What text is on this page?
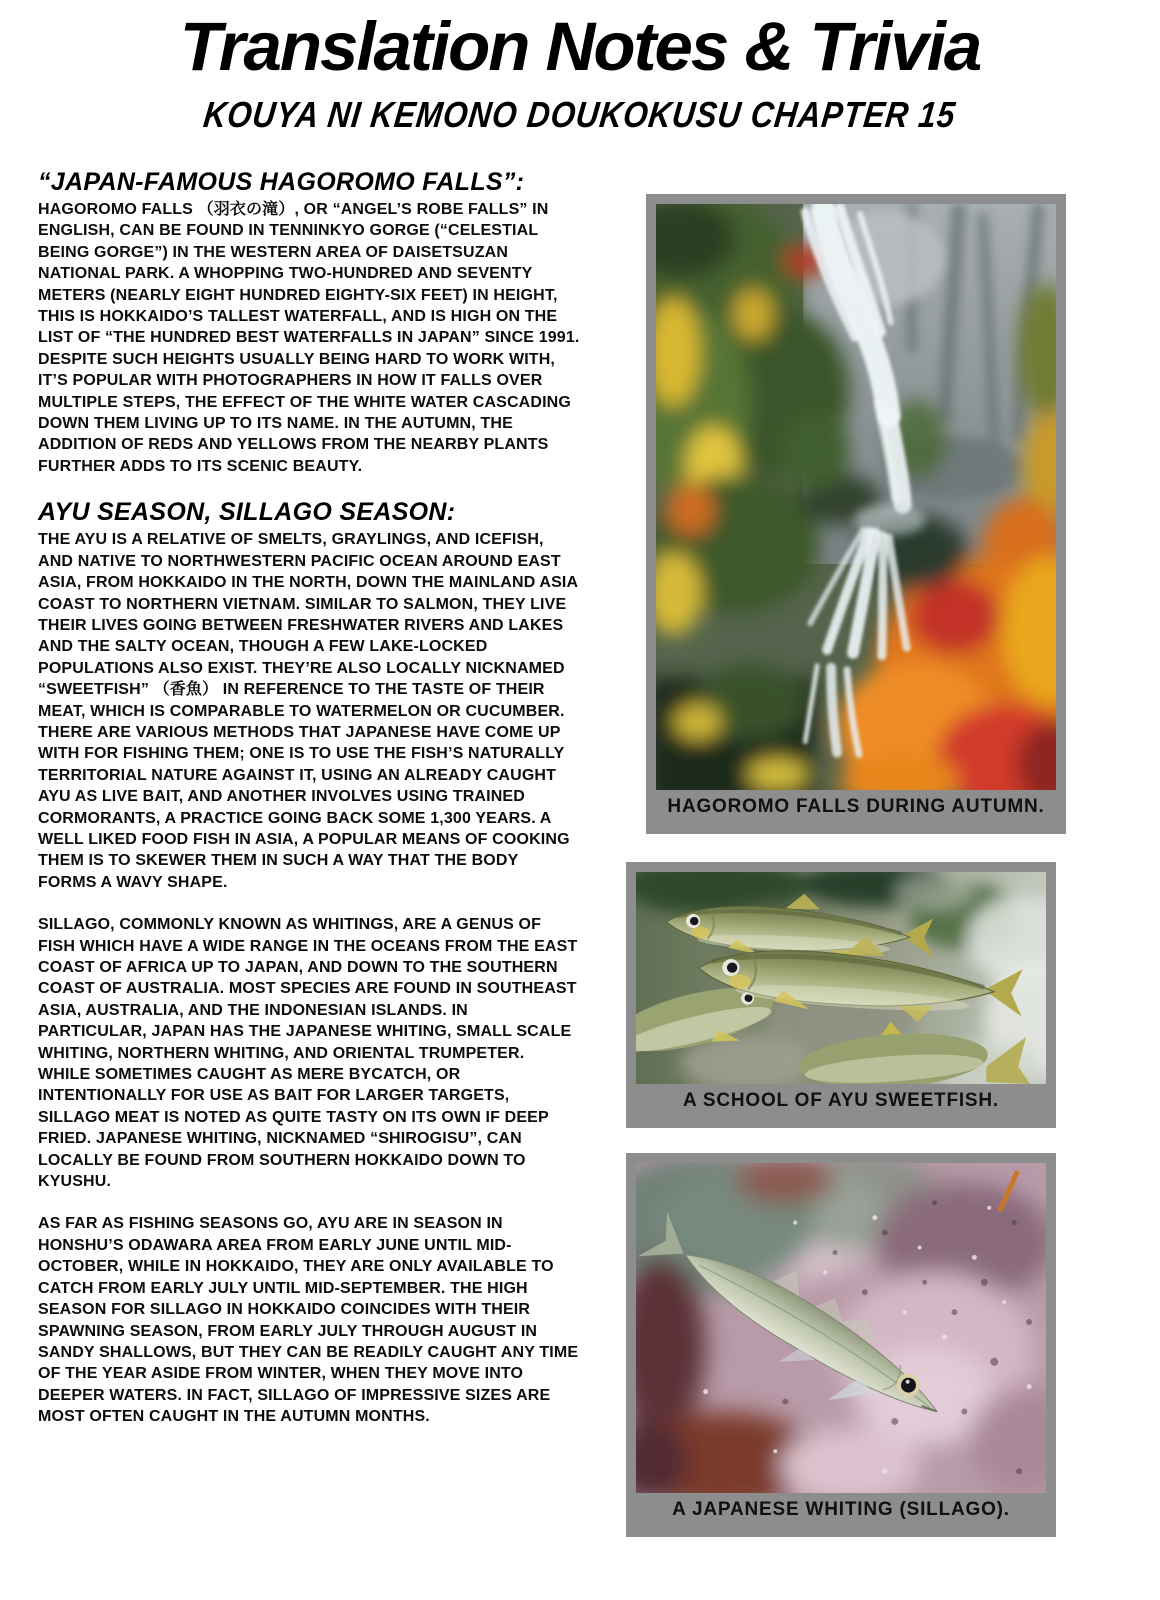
Translation Notes & Trivia
KOUYA NI KEMONO DOUKOKUSU CHAPTER 15
“JAPAN-FAMOUS HAGOROMO FALLS”:

HAGOROMO FALLS （羽衣の滝）, OR “ANGEL’S ROBE FALLS” IN ENGLISH, CAN BE FOUND IN TENNINKYO GORGE (“CELESTIAL BEING GORGE”) IN THE WESTERN AREA OF DAISETSUZAN NATIONAL PARK. A WHOPPING TWO-HUNDRED AND SEVENTY METERS (NEARLY EIGHT HUNDRED EIGHTY-SIX FEET) IN HEIGHT, THIS IS HOKKAIDO’S TALLEST WATERFALL, AND IS HIGH ON THE LIST OF “THE HUNDRED BEST WATERFALLS IN JAPAN” SINCE 1991. DESPITE SUCH HEIGHTS USUALLY BEING HARD TO WORK WITH, IT’S POPULAR WITH PHOTOGRAPHERS IN HOW IT FALLS OVER MULTIPLE STEPS, THE EFFECT OF THE WHITE WATER CASCADING DOWN THEM LIVING UP TO ITS NAME. IN THE AUTUMN, THE ADDITION OF REDS AND YELLOWS FROM THE NEARBY PLANTS FURTHER ADDS TO ITS SCENIC BEAUTY.

AYU SEASON, SILLAGO SEASON:

THE AYU IS A RELATIVE OF SMELTS, GRAYLINGS, AND ICEFISH, AND NATIVE TO NORTHWESTERN PACIFIC OCEAN AROUND EAST ASIA, FROM HOKKAIDO IN THE NORTH, DOWN THE MAINLAND ASIA COAST TO NORTHERN VIETNAM. SIMILAR TO SALMON, THEY LIVE THEIR LIVES GOING BETWEEN FRESHWATER RIVERS AND LAKES AND THE SALTY OCEAN, THOUGH A FEW LAKE-LOCKED POPULATIONS ALSO EXIST. THEY’RE ALSO LOCALLY NICKNAMED “SWEETFISH” （香魚） IN REFERENCE TO THE TASTE OF THEIR MEAT, WHICH IS COMPARABLE TO WATERMELON OR CUCUMBER. THERE ARE VARIOUS METHODS THAT JAPANESE HAVE COME UP WITH FOR FISHING THEM; ONE IS TO USE THE FISH’S NATURALLY TERRITORIAL NATURE AGAINST IT, USING AN ALREADY CAUGHT AYU AS LIVE BAIT, AND ANOTHER INVOLVES USING TRAINED CORMORANTS, A PRACTICE GOING BACK SOME 1,300 YEARS. A WELL LIKED FOOD FISH IN ASIA, A POPULAR MEANS OF COOKING THEM IS TO SKEWER THEM IN SUCH A WAY THAT THE BODY FORMS A WAVY SHAPE.

SILLAGO, COMMONLY KNOWN AS WHITINGS, ARE A GENUS OF FISH WHICH HAVE A WIDE RANGE IN THE OCEANS FROM THE EAST COAST OF AFRICA UP TO JAPAN, AND DOWN TO THE SOUTHERN COAST OF AUSTRALIA. MOST SPECIES ARE FOUND IN SOUTHEAST ASIA, AUSTRALIA, AND THE INDONESIAN ISLANDS. IN PARTICULAR, JAPAN HAS THE JAPANESE WHITING, SMALL SCALE WHITING, NORTHERN WHITING, AND ORIENTAL TRUMPETER. WHILE SOMETIMES CAUGHT AS MERE BYCATCH, OR INTENTIONALLY FOR USE AS BAIT FOR LARGER TARGETS, SILLAGO MEAT IS NOTED AS QUITE TASTY ON ITS OWN IF DEEP FRIED. JAPANESE WHITING, NICKNAMED “SHIROGISU”, CAN LOCALLY BE FOUND FROM SOUTHERN HOKKAIDO DOWN TO KYUSHU.

AS FAR AS FISHING SEASONS GO, AYU ARE IN SEASON IN HONSHU’S ODAWARA AREA FROM EARLY JUNE UNTIL MID-OCTOBER, WHILE IN HOKKAIDO, THEY ARE ONLY AVAILABLE TO CATCH FROM EARLY JULY UNTIL MID-SEPTEMBER. THE HIGH SEASON FOR SILLAGO IN HOKKAIDO COINCIDES WITH THEIR SPAWNING SEASON, FROM EARLY JULY THROUGH AUGUST IN SANDY SHALLOWS, BUT THEY CAN BE READILY CAUGHT ANY TIME OF THE YEAR ASIDE FROM WINTER, WHEN THEY MOVE INTO DEEPER WATERS. IN FACT, SILLAGO OF IMPRESSIVE SIZES ARE MOST OFTEN CAUGHT IN THE AUTUMN MONTHS.

HAGOROMO FALLS DURING AUTUMN.
A SCHOOL OF AYU SWEETFISH.
A JAPANESE WHITING (SILLAGO).
